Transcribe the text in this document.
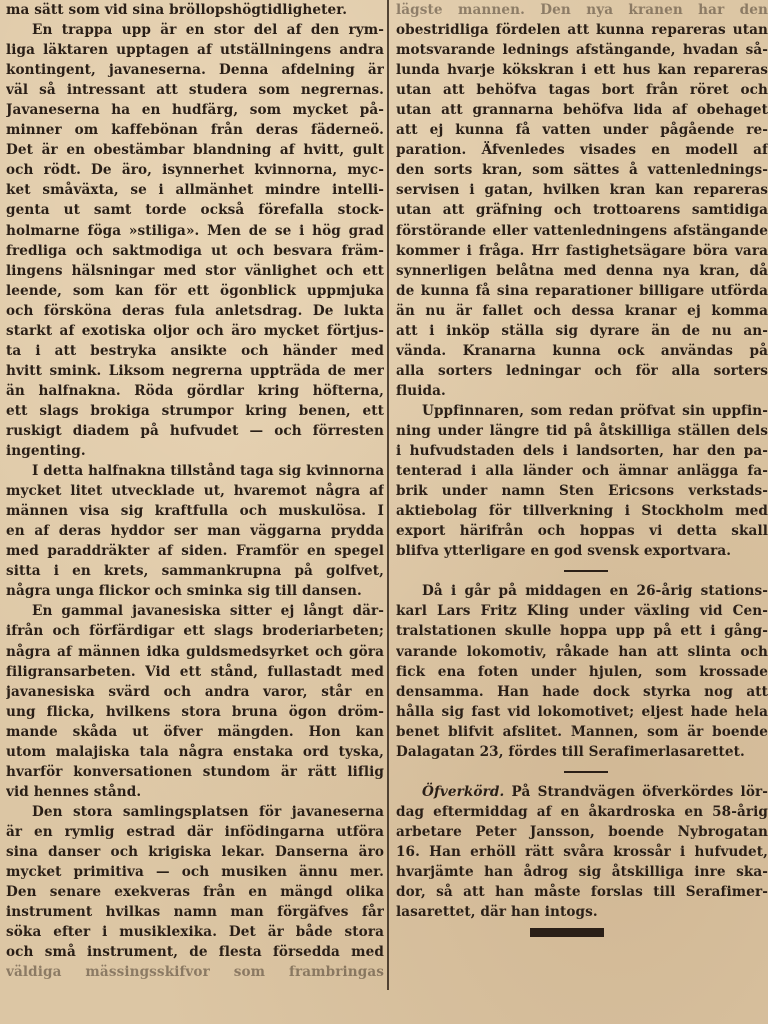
ma sätt som vid sina bröllopshögtidligheter.
En trappa upp är en stor del af den rym-
liga läktaren upptagen af utställningens andra
kontingent, javaneserna. Denna afdelning är
väl så intressant att studera som negrernas.
Javaneserna ha en hudfärg, som mycket på-
minner om kaffebönan från deras fäderneö.
Det är en obestämbar blandning af hvitt, gult
och rödt. De äro, isynnerhet kvinnorna, myc-
ket småväxta, se i allmänhet mindre intelli-
genta ut samt torde också förefalla stock-
holmarne föga »stiliga». Men de se i hög grad
fredliga och saktmodiga ut och besvara främ-
lingens hälsningar med stor vänlighet och ett
leende, som kan för ett ögonblick uppmjuka
och försköna deras fula anletsdrag. De lukta
starkt af exotiska oljor och äro mycket förtjus-
ta i att bestryka ansikte och händer med
hvitt smink. Liksom negrerna uppträda de mer
än halfnakna. Röda gördlar kring höfterna,
ett slags brokiga strumpor kring benen, ett
ruskigt diadem på hufvudet — och förresten
ingenting.
I detta halfnakna tillstånd taga sig kvinnorna
mycket litet utvecklade ut, hvaremot några af
männen visa sig kraftfulla och muskulösa. I
en af deras hyddor ser man väggarna prydda
med paraddräkter af siden. Framför en spegel
sitta i en krets, sammankrupna på golfvet,
några unga flickor och sminka sig till dansen.
En gammal javanesiska sitter ej långt där-
ifrån och förfärdigar ett slags broderiarbeten;
några af männen idka guldsmedsyrket och göra
filigransarbeten. Vid ett stånd, fullastadt med
javanesiska svärd och andra varor, står en
ung flicka, hvilkens stora bruna ögon dröm-
mande skåda ut öfver mängden. Hon kan
utom malajiska tala några enstaka ord tyska,
hvarför konversationen stundom är rätt liflig
vid hennes stånd.
Den stora samlingsplatsen för javaneserna
är en rymlig estrad där infödingarna utföra
sina danser och krigiska lekar. Danserna äro
mycket primitiva — och musiken ännu mer.
Den senare exekveras från en mängd olika
instrument hvilkas namn man förgäfves får
söka efter i musiklexika. Det är både stora
och små instrument, de flesta försedda med
väldiga mässingsskifvor som frambringas
lägste mannen. Den nya kranen har den
obestridliga fördelen att kunna repareras utan
motsvarande lednings afstängande, hvadan så-
lunda hvarje kökskran i ett hus kan repareras
utan att behöfva tagas bort från röret och
utan att grannarna behöfva lida af obehaget
att ej kunna få vatten under pågående re-
paration. Äfvenledes visades en modell af
den sorts kran, som sättes å vattenlednings-
servisen i gatan, hvilken kran kan repareras
utan att gräfning och trottoarens samtidiga
förstörande eller vattenledningens afstängande
kommer i fråga. Hrr fastighetsägare böra vara
synnerligen belåtna med denna nya kran, då
de kunna få sina reparationer billigare utförda
än nu är fallet och dessa kranar ej komma
att i inköp ställa sig dyrare än de nu an-
vända. Kranarna kunna ock användas på
alla sorters ledningar och för alla sorters
fluida.
Uppfinnaren, som redan pröfvat sin uppfin-
ning under längre tid på åtskilliga ställen dels
i hufvudstaden dels i landsorten, har den pa-
tenterad i alla länder och ämnar anlägga fa-
brik under namn Sten Ericsons verkstads-
aktiebolag för tillverkning i Stockholm med
export härifrån och hoppas vi detta skall
blifva ytterligare en god svensk exportvara.
Då i går på middagen en 26-årig stations-
karl Lars Fritz Kling under växling vid Cen-
tralstationen skulle hoppa upp på ett i gång-
varande lokomotiv, råkade han att slinta och
fick ena foten under hjulen, som krossade
densamma. Han hade dock styrka nog att
hålla sig fast vid lokomotivet; eljest hade hela
benet blifvit afslitet. Mannen, som är boende
Dalagatan 23, fördes till Serafimerlasarettet.
Öfverkörd. På Strandvägen öfverkördes lör-
dag eftermiddag af en åkardroska en 58-årig
arbetare Peter Jansson, boende Nybrogatan
16. Han erhöll rätt svåra krossår i hufvudet,
hvarjämte han ådrog sig åtskilliga inre ska-
dor, så att han måste forslas till Serafimer-
lasarettet, där han intogs.
